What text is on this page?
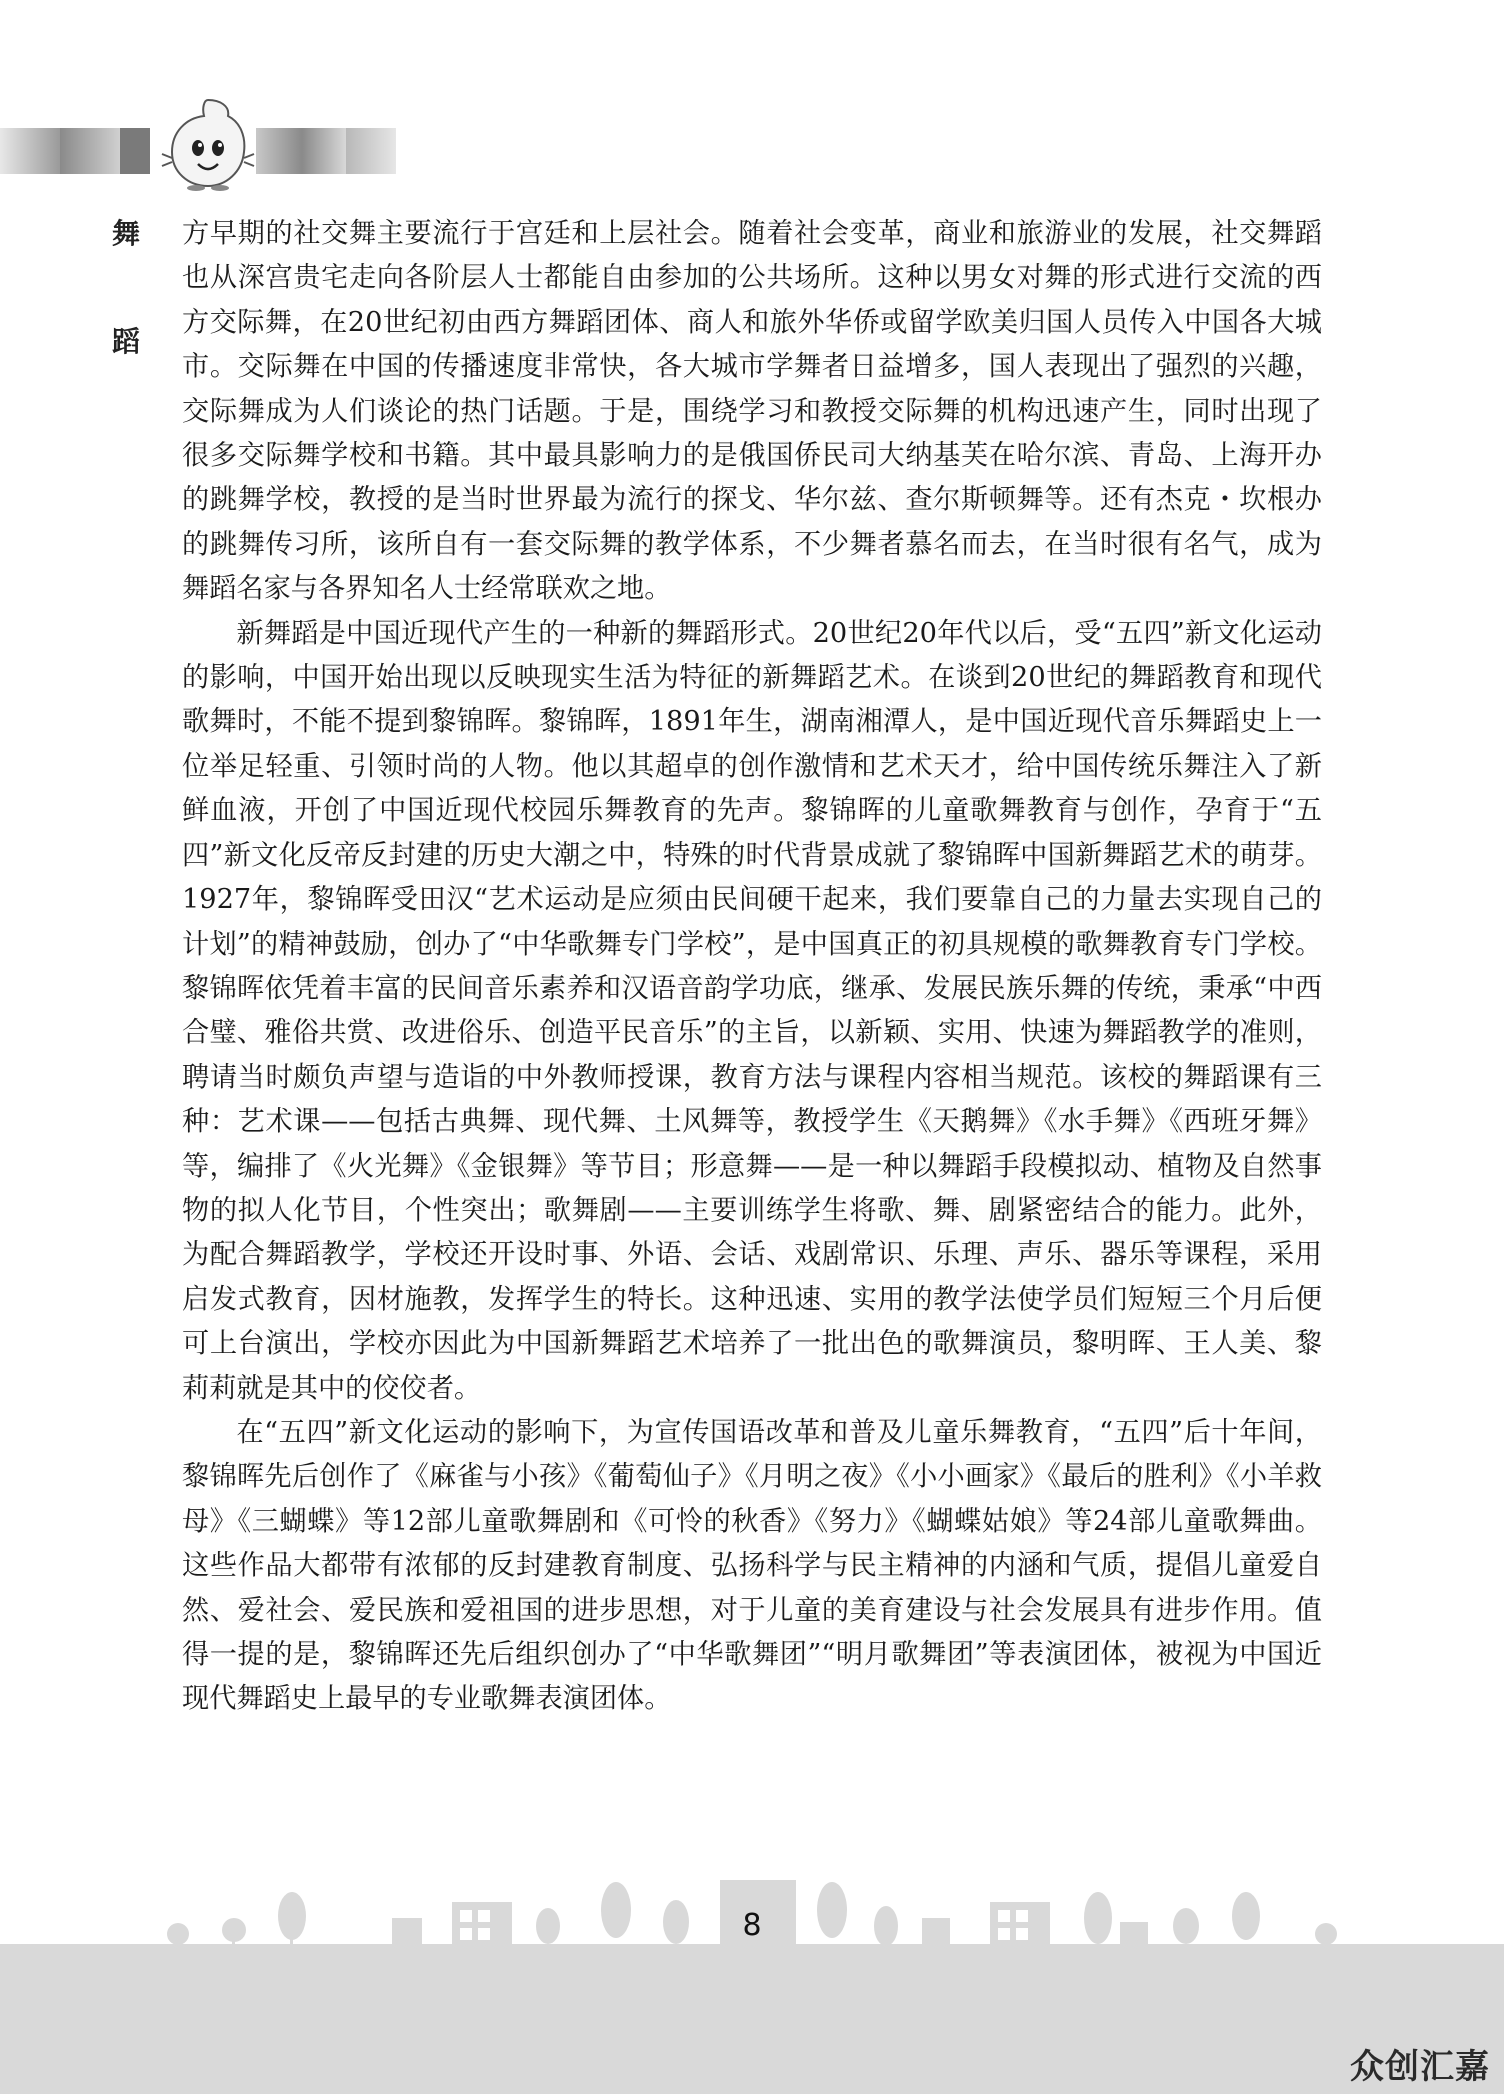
舞
蹈

方早期的社交舞主要流行于宫廷和上层社会。随着社会变革，商业和旅游业的发展，社交舞蹈也从深宫贵宅走向各阶层人士都能自由参加的公共场所。这种以男女对舞的形式进行交流的西方交际舞，在20世纪初由西方舞蹈团体、商人和旅外华侨或留学欧美归国人员传入中国各大城市。交际舞在中国的传播速度非常快，各大城市学舞者日益增多，国人表现出了强烈的兴趣，交际舞成为人们谈论的热门话题。于是，围绕学习和教授交际舞的机构迅速产生，同时出现了很多交际舞学校和书籍。其中最具影响力的是俄国侨民司大纳基芙在哈尔滨、青岛、上海开办的跳舞学校，教授的是当时世界最为流行的探戈、华尔兹、查尔斯顿舞等。还有杰克・坎根办的跳舞传习所，该所自有一套交际舞的教学体系，不少舞者慕名而去，在当时很有名气，成为舞蹈名家与各界知名人士经常联欢之地。

新舞蹈是中国近现代产生的一种新的舞蹈形式。20世纪20年代以后，受“五四”新文化运动的影响，中国开始出现以反映现实生活为特征的新舞蹈艺术。在谈到20世纪的舞蹈教育和现代歌舞时，不能不提到黎锦晖。黎锦晖，1891年生，湖南湘潭人，是中国近现代音乐舞蹈史上一位举足轻重、引领时尚的人物。他以其超卓的创作激情和艺术天才，给中国传统乐舞注入了新鲜血液，开创了中国近现代校园乐舞教育的先声。黎锦晖的儿童歌舞教育与创作，孕育于“五四”新文化反帝反封建的历史大潮之中，特殊的时代背景成就了黎锦晖中国新舞蹈艺术的萌芽。1927年，黎锦晖受田汉“艺术运动是应须由民间硬干起来，我们要靠自己的力量去实现自己的计划”的精神鼓励，创办了“中华歌舞专门学校”，是中国真正的初具规模的歌舞教育专门学校。黎锦晖依凭着丰富的民间音乐素养和汉语音韵学功底，继承、发展民族乐舞的传统，秉承“中西合璧、雅俗共赏、改进俗乐、创造平民音乐”的主旨，以新颖、实用、快速为舞蹈教学的准则，聘请当时颇负声望与造诣的中外教师授课，教育方法与课程内容相当规范。该校的舞蹈课有三种：艺术课——包括古典舞、现代舞、土风舞等，教授学生《天鹅舞》《水手舞》《西班牙舞》等，编排了《火光舞》《金银舞》等节目；形意舞——是一种以舞蹈手段模拟动、植物及自然事物的拟人化节目，个性突出；歌舞剧——主要训练学生将歌、舞、剧紧密结合的能力。此外，为配合舞蹈教学，学校还开设时事、外语、会话、戏剧常识、乐理、声乐、器乐等课程，采用启发式教育，因材施教，发挥学生的特长。这种迅速、实用的教学法使学员们短短三个月后便可上台演出，学校亦因此为中国新舞蹈艺术培养了一批出色的歌舞演员，黎明晖、王人美、黎莉莉就是其中的佼佼者。

在“五四”新文化运动的影响下，为宣传国语改革和普及儿童乐舞教育，“五四”后十年间，黎锦晖先后创作了《麻雀与小孩》《葡萄仙子》《月明之夜》《小小画家》《最后的胜利》《小羊救母》《三蝴蝶》等12部儿童歌舞剧和《可怜的秋香》《努力》《蝴蝶姑娘》等24部儿童歌舞曲。这些作品大都带有浓郁的反封建教育制度、弘扬科学与民主精神的内涵和气质，提倡儿童爱自然、爱社会、爱民族和爱祖国的进步思想，对于儿童的美育建设与社会发展具有进步作用。值得一提的是，黎锦晖还先后组织创办了“中华歌舞团”“明月歌舞团”等表演团体，被视为中国近现代舞蹈史上最早的专业歌舞表演团体。

8
众创汇嘉
